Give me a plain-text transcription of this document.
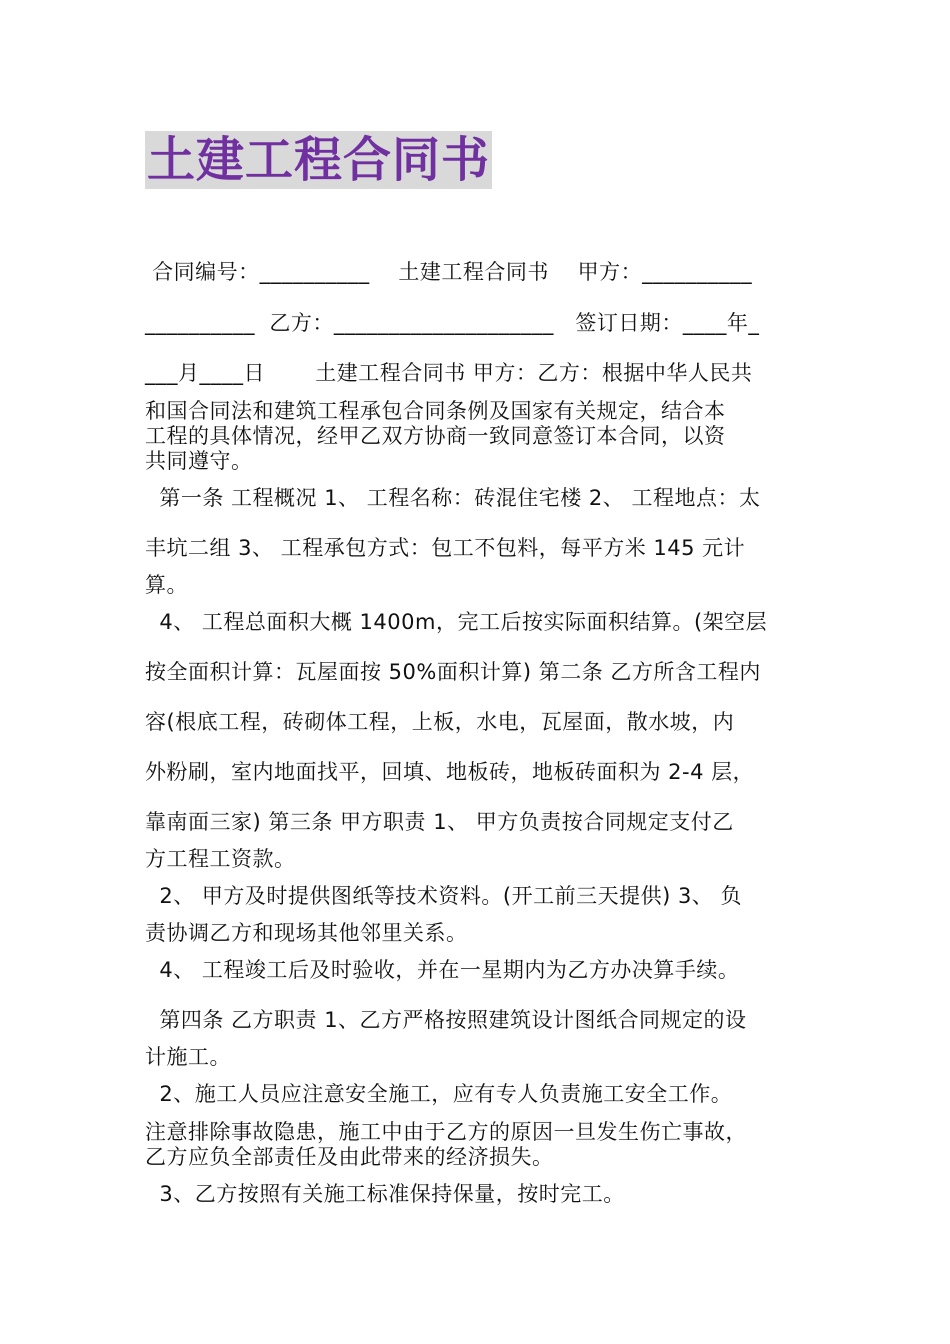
土建工程合同书
合同编号：__________    土建工程合同书    甲方：__________
__________  乙方：____________________   签订日期：____年_
___月____日       土建工程合同书 甲方：乙方：根据中华人民共
和国合同法和建筑工程承包合同条例及国家有关规定，结合本
工程的具体情况，经甲乙双方协商一致同意签订本合同，以资
共同遵守。
第一条 工程概况 1、 工程名称：砖混住宅楼 2、 工程地点：太
丰坑二组 3、 工程承包方式：包工不包料，每平方米 145 元计
算。
4、 工程总面积大概 1400m，完工后按实际面积结算。(架空层
按全面积计算：瓦屋面按 50%面积计算) 第二条 乙方所含工程内
容(根底工程，砖砌体工程，上板，水电，瓦屋面，散水坡，内
外粉刷，室内地面找平，回填、地板砖，地板砖面积为 2-4 层，
靠南面三家) 第三条 甲方职责 1、 甲方负责按合同规定支付乙
方工程工资款。
2、 甲方及时提供图纸等技术资料。(开工前三天提供) 3、 负
责协调乙方和现场其他邻里关系。
4、 工程竣工后及时验收，并在一星期内为乙方办决算手续。
第四条 乙方职责 1、乙方严格按照建筑设计图纸合同规定的设
计施工。
2、施工人员应注意安全施工，应有专人负责施工安全工作。
注意排除事故隐患，施工中由于乙方的原因一旦发生伤亡事故，
乙方应负全部责任及由此带来的经济损失。
3、乙方按照有关施工标准保持保量，按时完工。
